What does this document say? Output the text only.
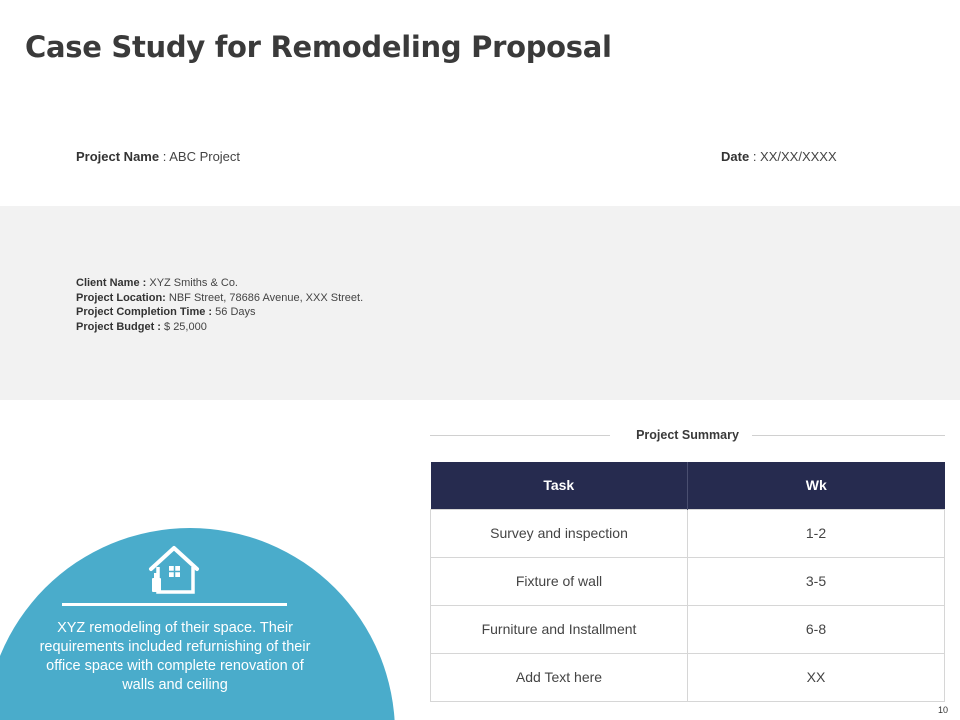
Case Study for Remodeling Proposal
Project Name : ABC Project	Date : XX/XX/XXXX
Client Name : XYZ Smiths & Co.
Project Location: NBF Street, 78686 Avenue, XXX Street.
Project Completion Time : 56 Days
Project Budget : $ 25,000
XYZ remodeling of their space. Their requirements included refurnishing of their office space with complete renovation of walls and ceiling
Project Summary
Task	Wk
Survey and inspection	1-2
Fixture of wall	3-5
Furniture and Installment	6-8
Add Text here	XX
10
